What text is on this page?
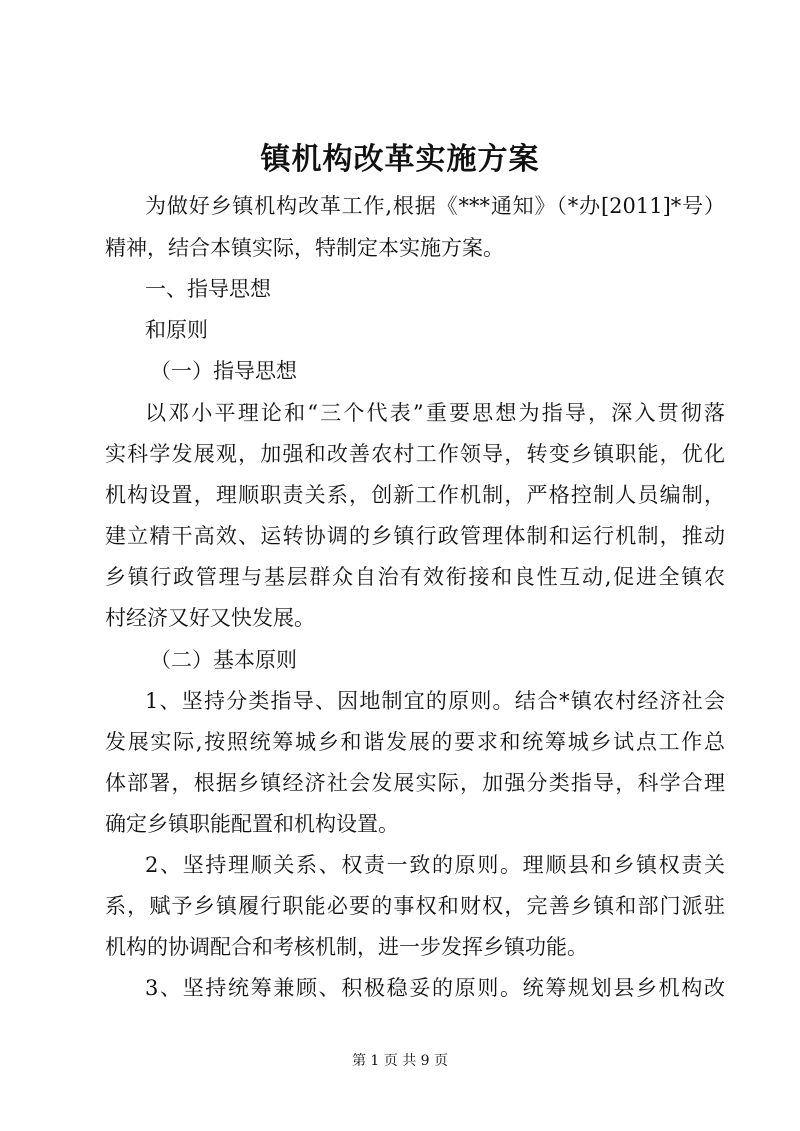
镇机构改革实施方案

为做好乡镇机构改革工作,根据《***通知》（*办[2011]*号）

精神，结合本镇实际，特制定本实施方案。

一、指导思想

和原则

（一）指导思想

以邓小平理论和“三个代表”重要思想为指导，深入贯彻落

实科学发展观，加强和改善农村工作领导，转变乡镇职能，优化

机构设置，理顺职责关系，创新工作机制，严格控制人员编制，

建立精干高效、运转协调的乡镇行政管理体制和运行机制，推动

乡镇行政管理与基层群众自治有效衔接和良性互动,促进全镇农

村经济又好又快发展。

（二）基本原则

1、坚持分类指导、因地制宜的原则。结合*镇农村经济社会

发展实际,按照统筹城乡和谐发展的要求和统筹城乡试点工作总

体部署，根据乡镇经济社会发展实际，加强分类指导，科学合理

确定乡镇职能配置和机构设置。

2、坚持理顺关系、权责一致的原则。理顺县和乡镇权责关

系，赋予乡镇履行职能必要的事权和财权，完善乡镇和部门派驻

机构的协调配合和考核机制，进一步发挥乡镇功能。

3、坚持统筹兼顾、积极稳妥的原则。统筹规划县乡机构改

第 1 页 共 9 页
